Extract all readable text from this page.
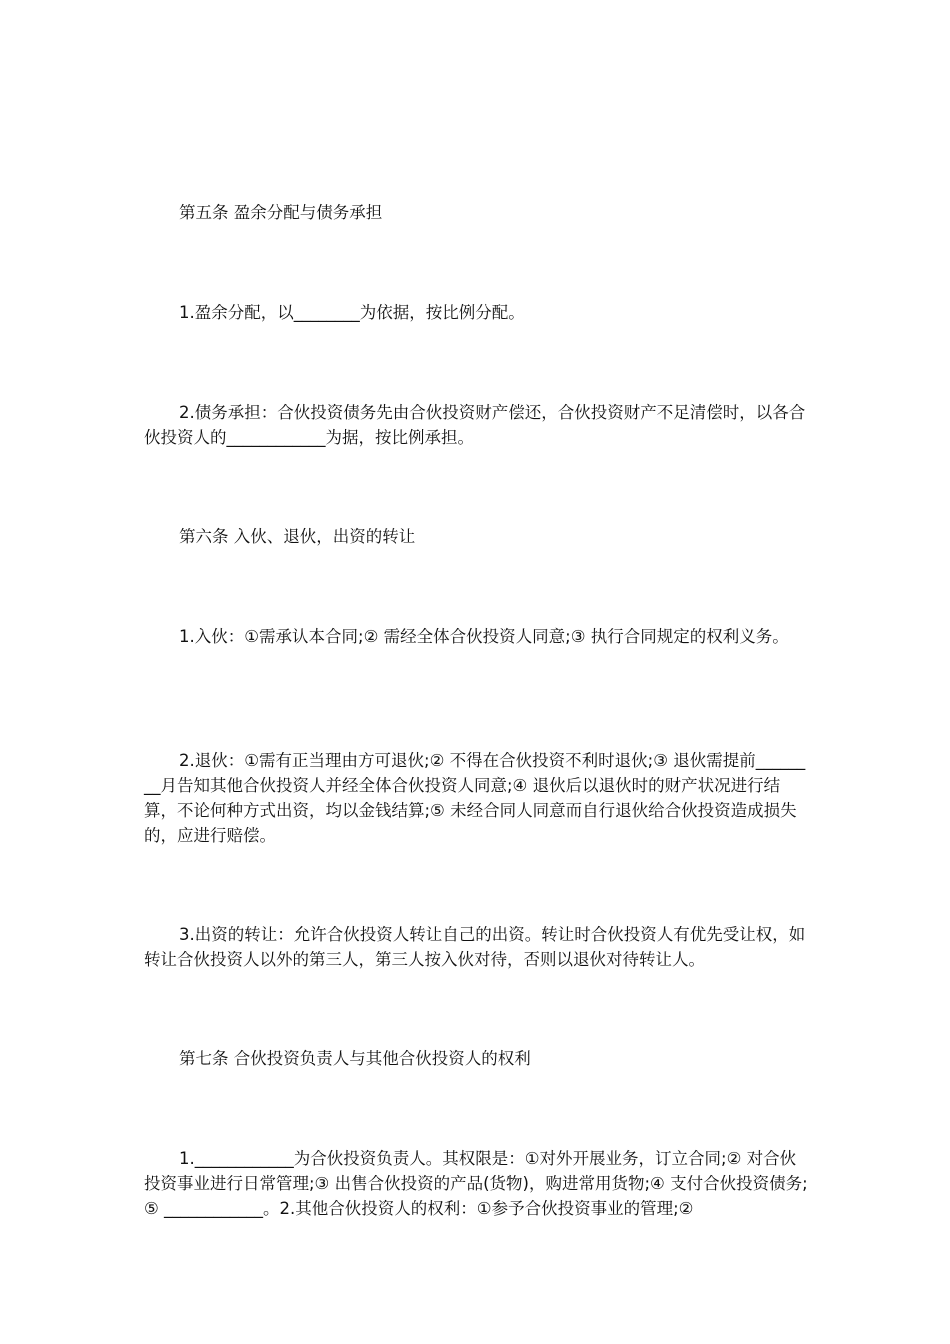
第五条 盈余分配与债务承担

1.盈余分配，以________为依据，按比例分配。

2.债务承担：合伙投资债务先由合伙投资财产偿还，合伙投资财产不足清偿时，以各合伙投资人的____________为据，按比例承担。

第六条 入伙、退伙，出资的转让

1.入伙：①需承认本合同;② 需经全体合伙投资人同意;③ 执行合同规定的权利义务。

2.退伙：①需有正当理由方可退伙;② 不得在合伙投资不利时退伙;③ 退伙需提前________月告知其他合伙投资人并经全体合伙投资人同意;④ 退伙后以退伙时的财产状况进行结算，不论何种方式出资，均以金钱结算;⑤ 未经合同人同意而自行退伙给合伙投资造成损失的，应进行赔偿。

3.出资的转让：允许合伙投资人转让自己的出资。转让时合伙投资人有优先受让权，如转让合伙投资人以外的第三人，第三人按入伙对待，否则以退伙对待转让人。

第七条 合伙投资负责人与其他合伙投资人的权利

1.____________为合伙投资负责人。其权限是：①对外开展业务，订立合同;② 对合伙投资事业进行日常管理;③ 出售合伙投资的产品(货物)，购进常用货物;④ 支付合伙投资债务;⑤ ____________。2.其他合伙投资人的权利：①参予合伙投资事业的管理;②
